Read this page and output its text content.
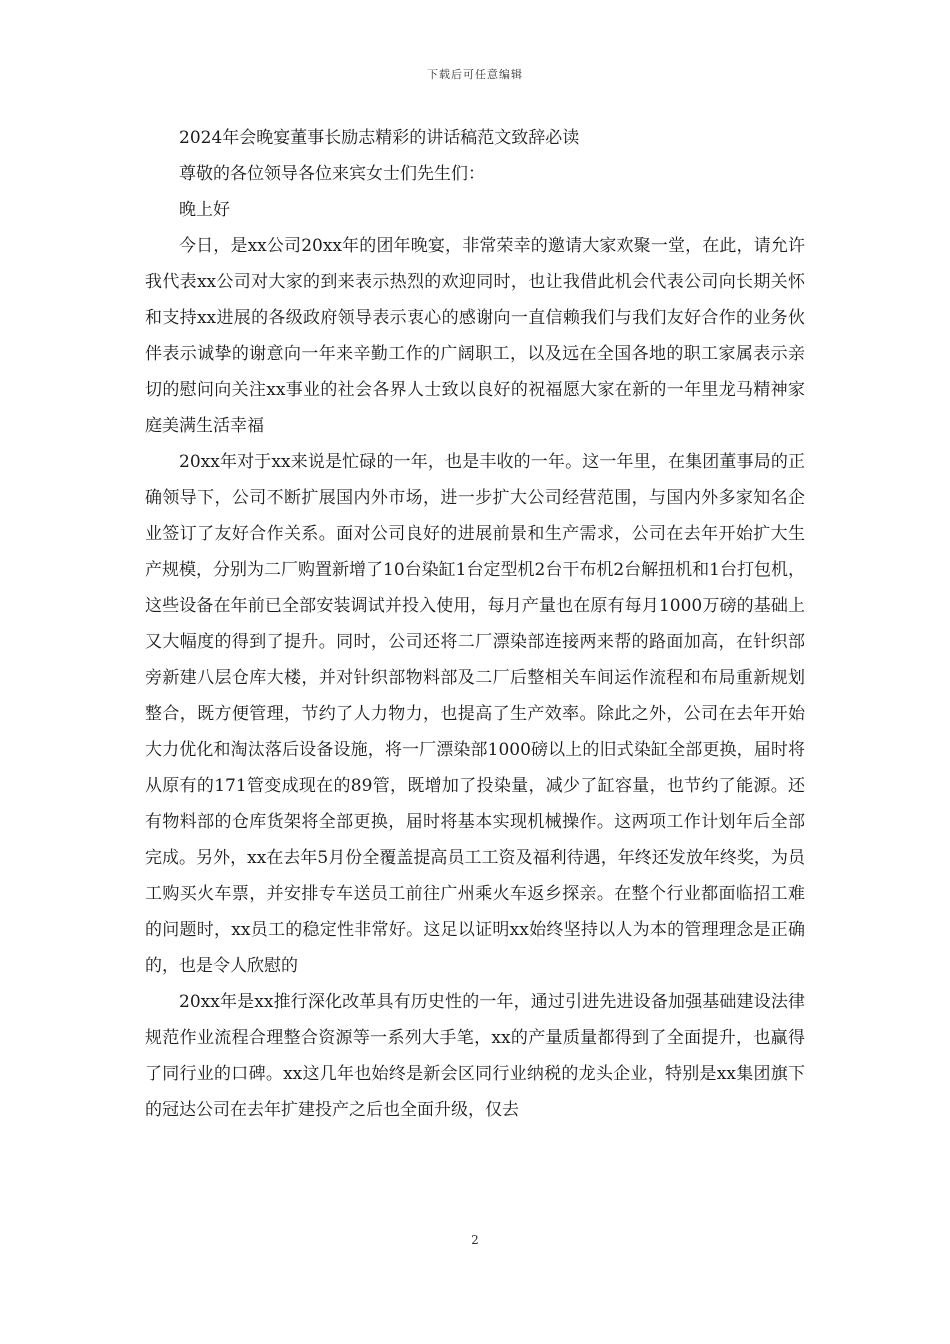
下载后可任意编辑

2024年会晚宴董事长励志精彩的讲话稿范文致辞必读

尊敬的各位领导各位来宾女士们先生们：

晚上好

今日，是xx公司20xx年的团年晚宴，非常荣幸的邀请大家欢聚一堂，在此，请允许我代表xx公司对大家的到来表示热烈的欢迎同时，也让我借此机会代表公司向长期关怀和支持xx进展的各级政府领导表示衷心的感谢向一直信赖我们与我们友好合作的业务伙伴表示诚挚的谢意向一年来辛勤工作的广阔职工，以及远在全国各地的职工家属表示亲切的慰问向关注xx事业的社会各界人士致以良好的祝福愿大家在新的一年里龙马精神家庭美满生活幸福

20xx年对于xx来说是忙碌的一年，也是丰收的一年。这一年里，在集团董事局的正确领导下，公司不断扩展国内外市场，进一步扩大公司经营范围，与国内外多家知名企业签订了友好合作关系。面对公司良好的进展前景和生产需求，公司在去年开始扩大生产规模，分别为二厂购置新增了10台染缸1台定型机2台干布机2台解扭机和1台打包机，这些设备在年前已全部安装调试并投入使用，每月产量也在原有每月1000万磅的基础上又大幅度的得到了提升。同时，公司还将二厂漂染部连接两来帮的路面加高，在针织部旁新建八层仓库大楼，并对针织部物料部及二厂后整相关车间运作流程和布局重新规划整合，既方便管理，节约了人力物力，也提高了生产效率。除此之外，公司在去年开始大力优化和淘汰落后设备设施，将一厂漂染部1000磅以上的旧式染缸全部更换，届时将从原有的171管变成现在的89管，既增加了投染量，减少了缸容量，也节约了能源。还有物料部的仓库货架将全部更换，届时将基本实现机械操作。这两项工作计划年后全部完成。另外，xx在去年5月份全覆盖提高员工工资及福利待遇，年终还发放年终奖，为员工购买火车票，并安排专车送员工前往广州乘火车返乡探亲。在整个行业都面临招工难的问题时，xx员工的稳定性非常好。这足以证明xx始终坚持以人为本的管理理念是正确的，也是令人欣慰的

20xx年是xx推行深化改革具有历史性的一年，通过引进先进设备加强基础建设法律规范作业流程合理整合资源等一系列大手笔，xx的产量质量都得到了全面提升，也赢得了同行业的口碑。xx这几年也始终是新会区同行业纳税的龙头企业，特别是xx集团旗下的冠达公司在去年扩建投产之后也全面升级，仅去

2
